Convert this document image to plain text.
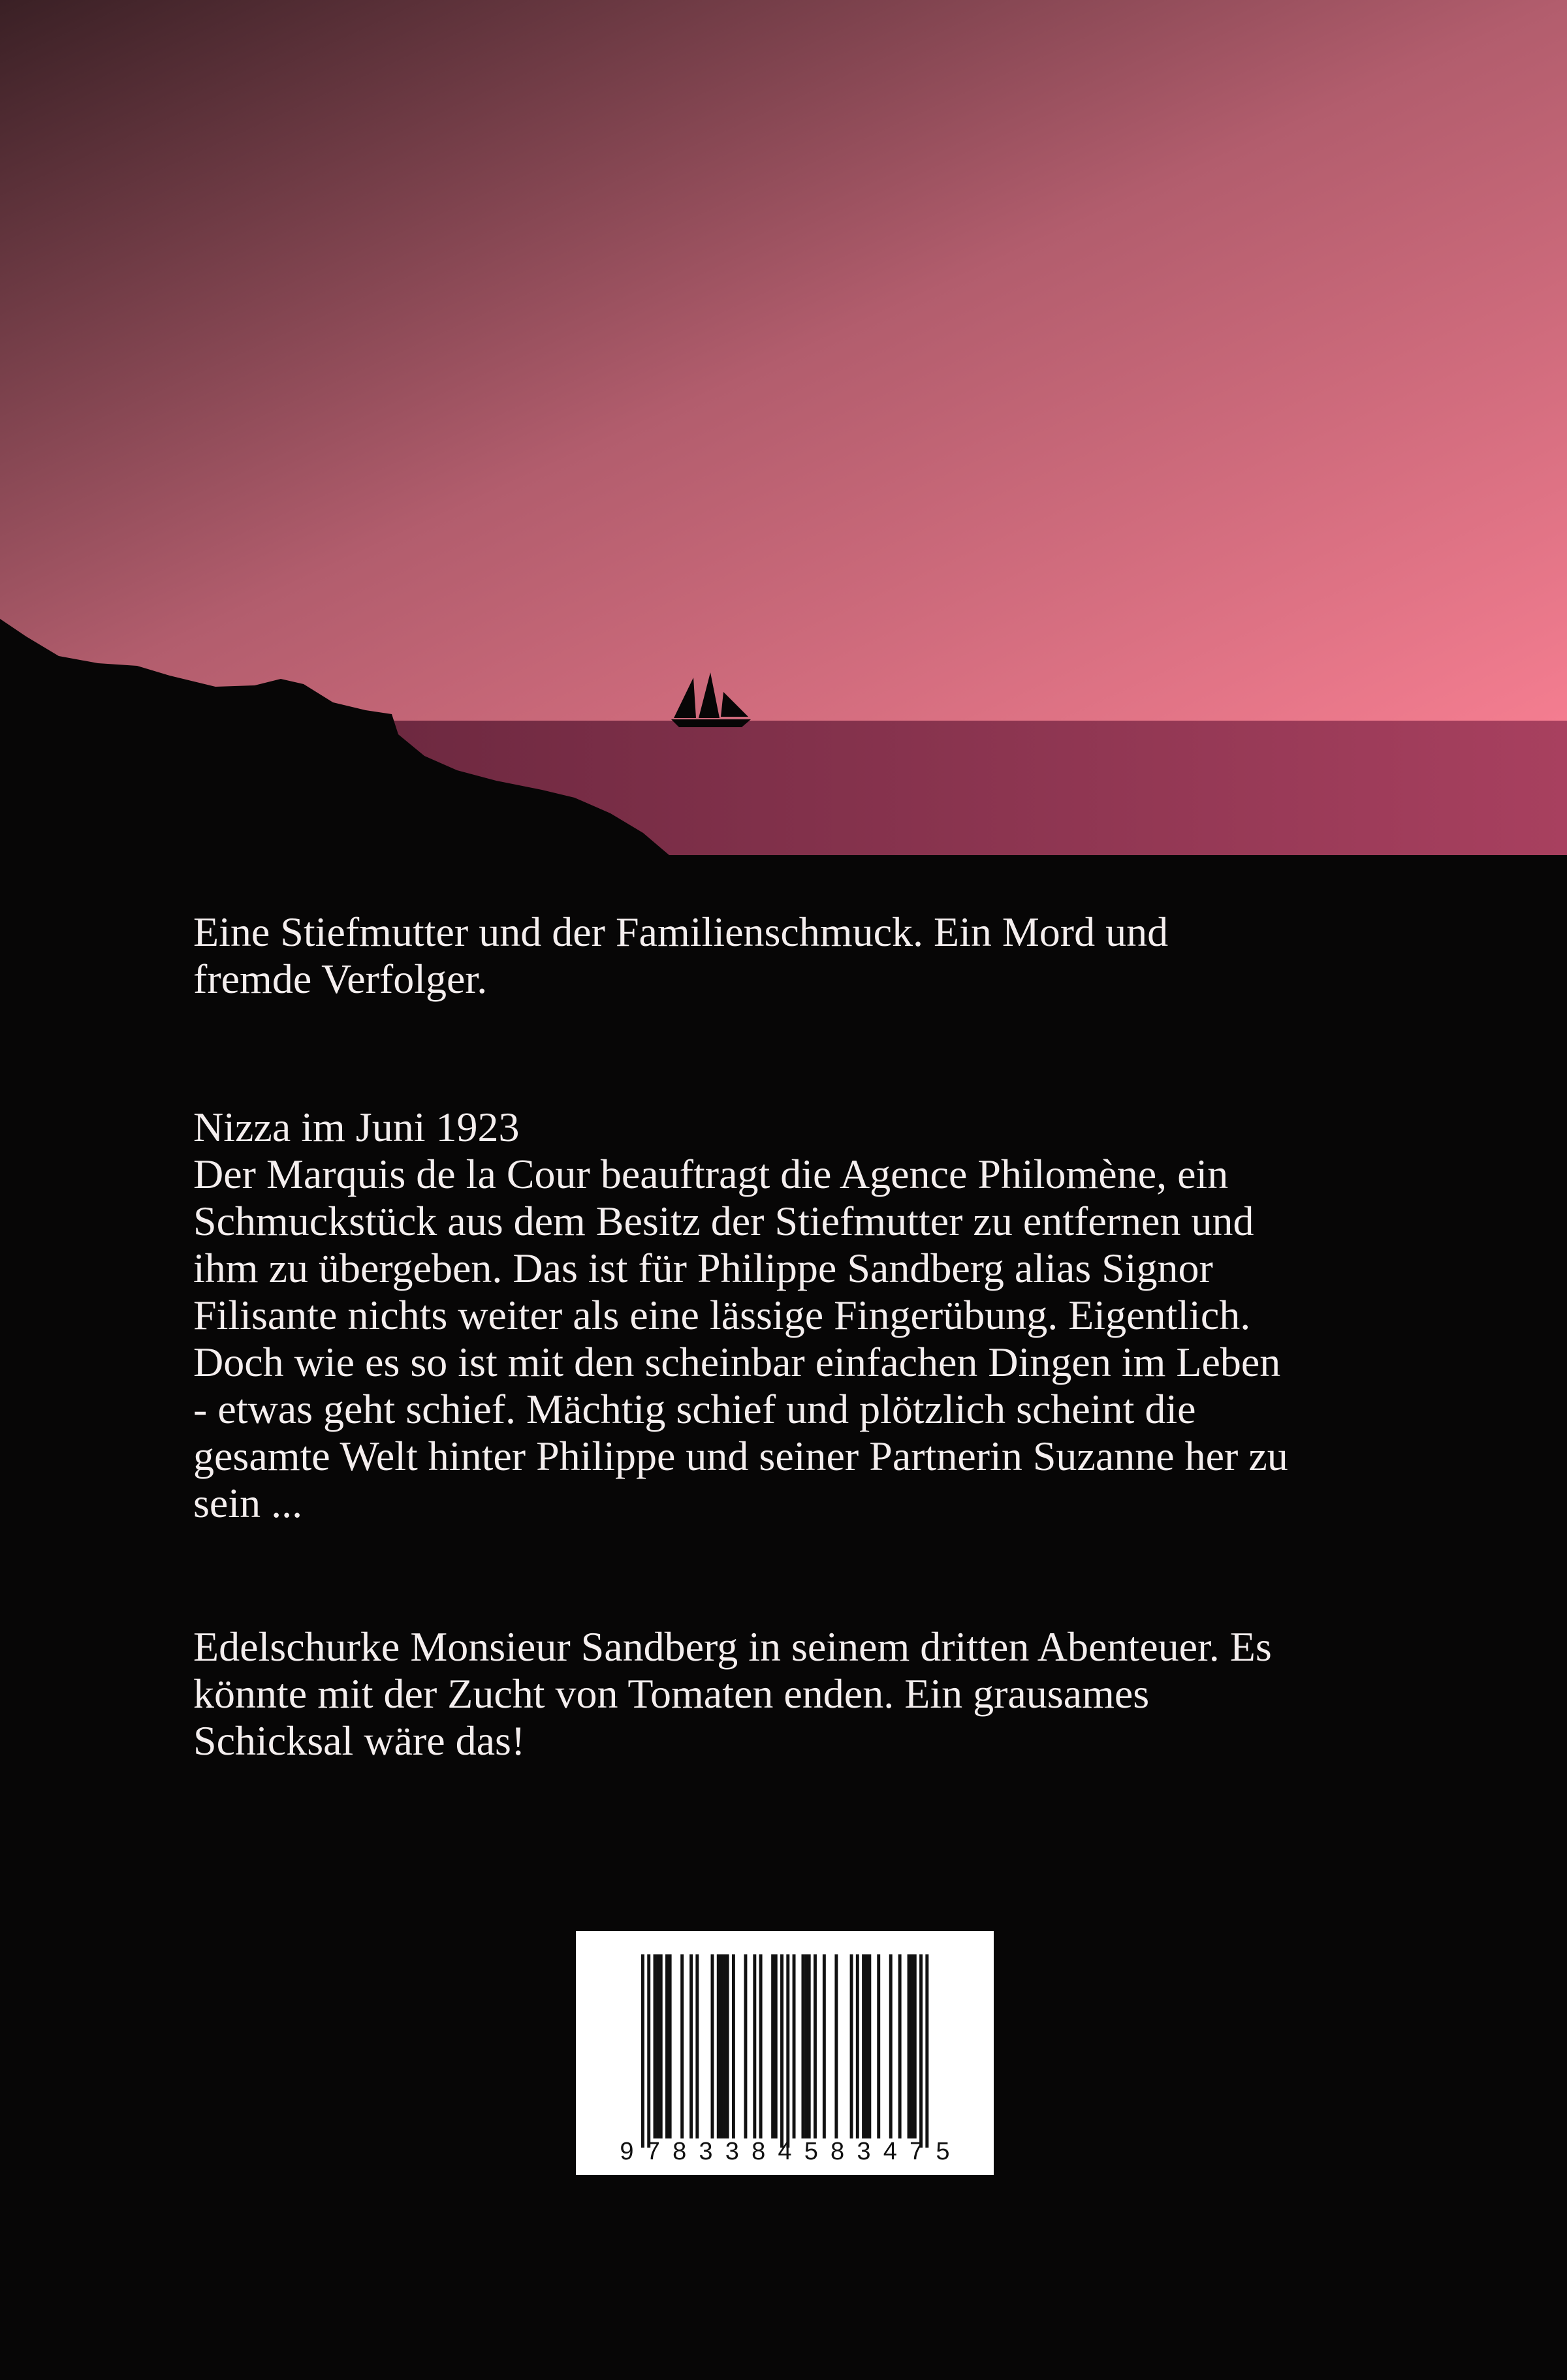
Eine Stiefmutter und der Familienschmuck. Ein Mord und
fremde Verfolger.

Nizza im Juni 1923
Der Marquis de la Cour beauftragt die Agence Philomène, ein
Schmuckstück aus dem Besitz der Stiefmutter zu entfernen und
ihm zu übergeben. Das ist für Philippe Sandberg alias Signor
Filisante nichts weiter als eine lässige Fingerübung. Eigentlich.
Doch wie es so ist mit den scheinbar einfachen Dingen im Leben
- etwas geht schief. Mächtig schief und plötzlich scheint die
gesamte Welt hinter Philippe und seiner Partnerin Suzanne her zu
sein ...

Edelschurke Monsieur Sandberg in seinem dritten Abenteuer. Es
könnte mit der Zucht von Tomaten enden. Ein grausames
Schicksal wäre das!

9 7 8 3 3 8 4 5 8 3 4 7 5
